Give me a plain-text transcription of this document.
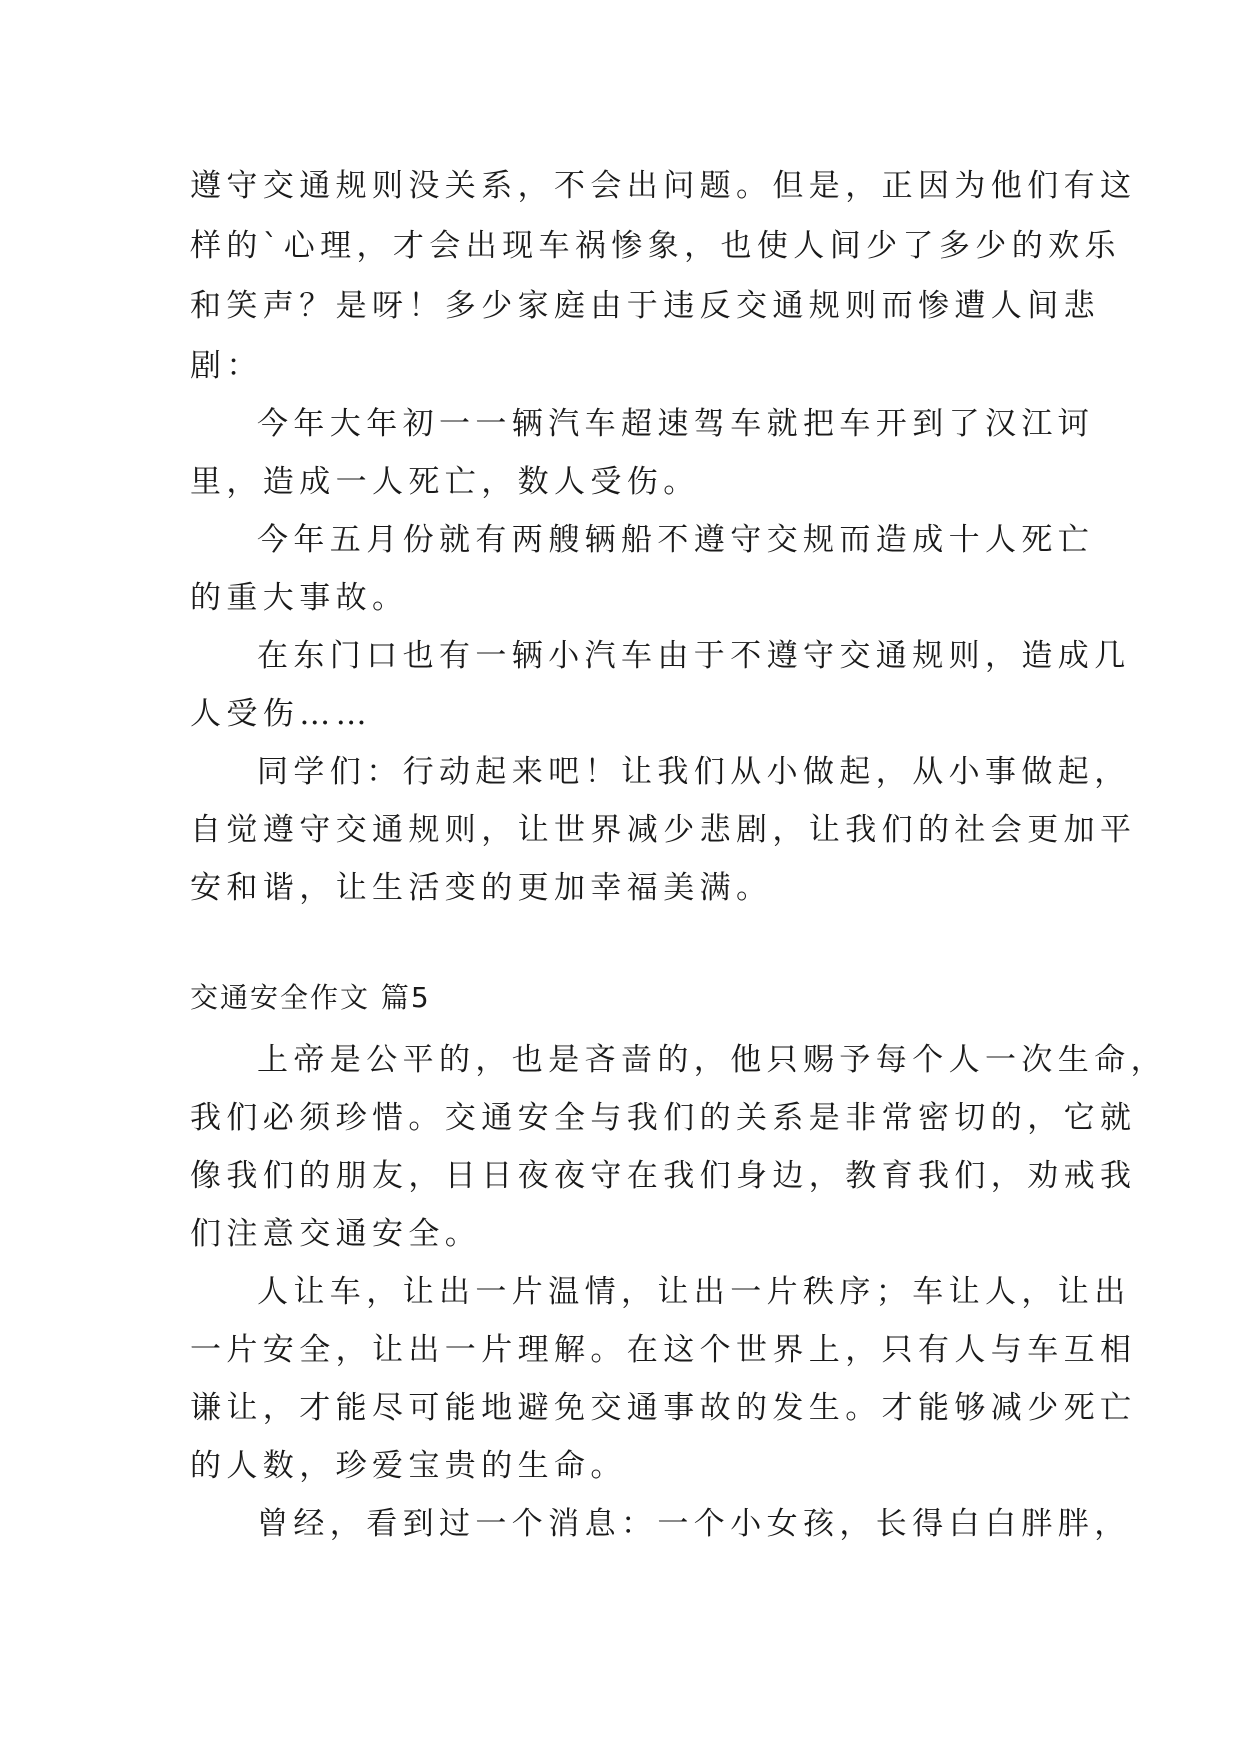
遵守交通规则没关系，不会出问题。但是，正因为他们有这
样的`心理，才会出现车祸惨象，也使人间少了多少的欢乐
和笑声？是呀！多少家庭由于违反交通规则而惨遭人间悲
剧：
今年大年初一一辆汽车超速驾车就把车开到了汉江诃
里，造成一人死亡，数人受伤。
今年五月份就有两艘辆船不遵守交规而造成十人死亡
的重大事故。
在东门口也有一辆小汽车由于不遵守交通规则，造成几
人受伤……
同学们：行动起来吧！让我们从小做起，从小事做起，
自觉遵守交通规则，让世界减少悲剧，让我们的社会更加平
安和谐，让生活变的更加幸福美满。
交通安全作文 篇5
上帝是公平的，也是吝啬的，他只赐予每个人一次生命，
我们必须珍惜。交通安全与我们的关系是非常密切的，它就
像我们的朋友，日日夜夜守在我们身边，教育我们，劝戒我
们注意交通安全。
人让车，让出一片温情，让出一片秩序；车让人，让出
一片安全，让出一片理解。在这个世界上，只有人与车互相
谦让，才能尽可能地避免交通事故的发生。才能够减少死亡
的人数，珍爱宝贵的生命。
曾经，看到过一个消息：一个小女孩，长得白白胖胖，
